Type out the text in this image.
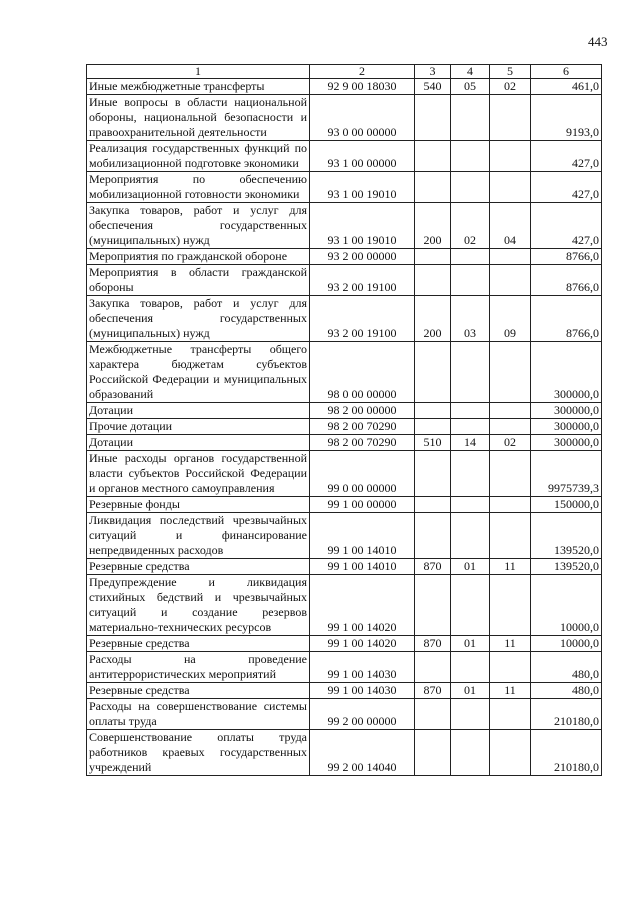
443
1	2	3	4	5	6
Иные межбюджетные трансферты	92 9 00 18030	540	05	02	461,0
Иные вопросы в области национальной обороны, национальной безопасности и правоохранительной деятельности	93 0 00 00000				9193,0
Реализация государственных функций по мобилизационной подготовке экономики	93 1 00 00000				427,0
Мероприятия по обеспечению мобилизационной готовности экономики	93 1 00 19010				427,0
Закупка товаров, работ и услуг для обеспечения государственных (муниципальных) нужд	93 1 00 19010	200	02	04	427,0
Мероприятия по гражданской обороне	93 2 00 00000				8766,0
Мероприятия в области гражданской обороны	93 2 00 19100				8766,0
Закупка товаров, работ и услуг для обеспечения государственных (муниципальных) нужд	93 2 00 19100	200	03	09	8766,0
Межбюджетные трансферты общего характера бюджетам субъектов Российской Федерации и муниципальных образований	98 0 00 00000				300000,0
Дотации	98 2 00 00000				300000,0
Прочие дотации	98 2 00 70290				300000,0
Дотации	98 2 00 70290	510	14	02	300000,0
Иные расходы органов государственной власти субъектов Российской Федерации и органов местного самоуправления	99 0 00 00000				9975739,3
Резервные фонды	99 1 00 00000				150000,0
Ликвидация последствий чрезвычайных ситуаций и финансирование непредвиденных расходов	99 1 00 14010				139520,0
Резервные средства	99 1 00 14010	870	01	11	139520,0
Предупреждение и ликвидация стихийных бедствий и чрезвычайных ситуаций и создание резервов материально-технических ресурсов	99 1 00 14020				10000,0
Резервные средства	99 1 00 14020	870	01	11	10000,0
Расходы на проведение антитеррористических мероприятий	99 1 00 14030				480,0
Резервные средства	99 1 00 14030	870	01	11	480,0
Расходы на совершенствование системы оплаты труда	99 2 00 00000				210180,0
Совершенствование оплаты труда работников краевых государственных учреждений	99 2 00 14040				210180,0
